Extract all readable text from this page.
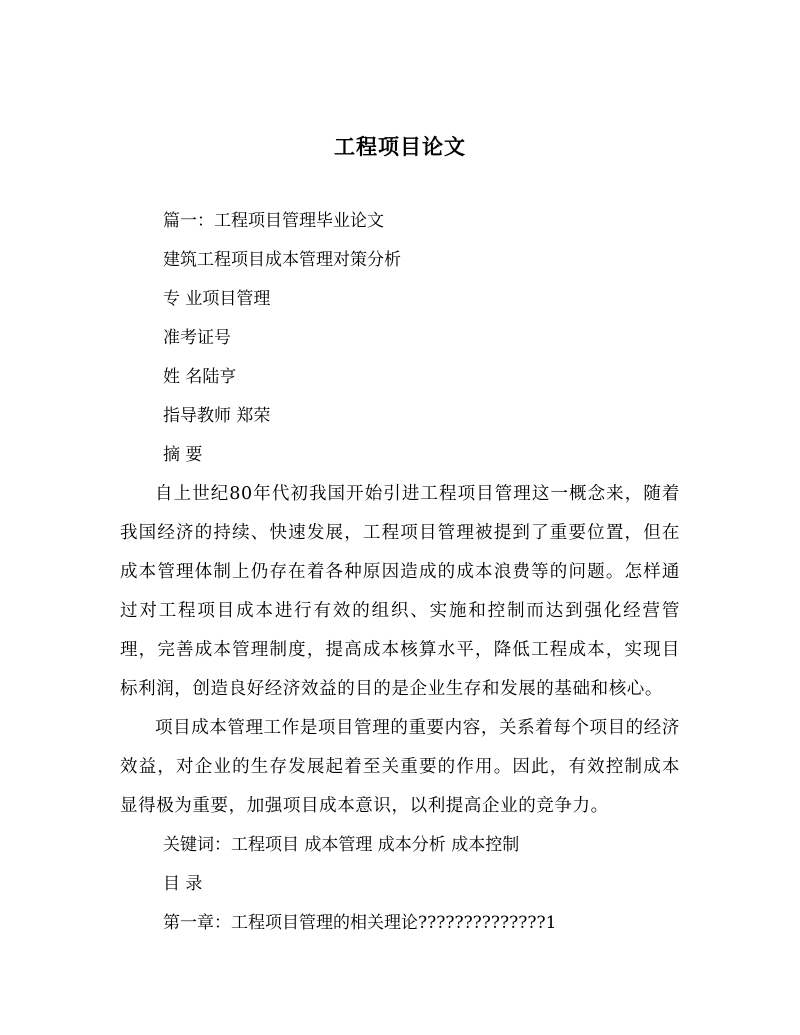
工程项目论文
篇一：工程项目管理毕业论文
建筑工程项目成本管理对策分析
专 业项目管理
准考证号
姓 名陆亨
指导教师 郑荣
摘 要
自上世纪80年代初我国开始引进工程项目管理这一概念来，随着我国经济的持续、快速发展，工程项目管理被提到了重要位置，但在成本管理体制上仍存在着各种原因造成的成本浪费等的问题。怎样通过对工程项目成本进行有效的组织、实施和控制而达到强化经营管理，完善成本管理制度，提高成本核算水平，降低工程成本，实现目标利润，创造良好经济效益的目的是企业生存和发展的基础和核心。
项目成本管理工作是项目管理的重要内容，关系着每个项目的经济效益，对企业的生存发展起着至关重要的作用。因此，有效控制成本显得极为重要，加强项目成本意识，以利提高企业的竞争力。
关键词：工程项目 成本管理 成本分析 成本控制
目 录
第一章：工程项目管理的相关理论??????????????1
